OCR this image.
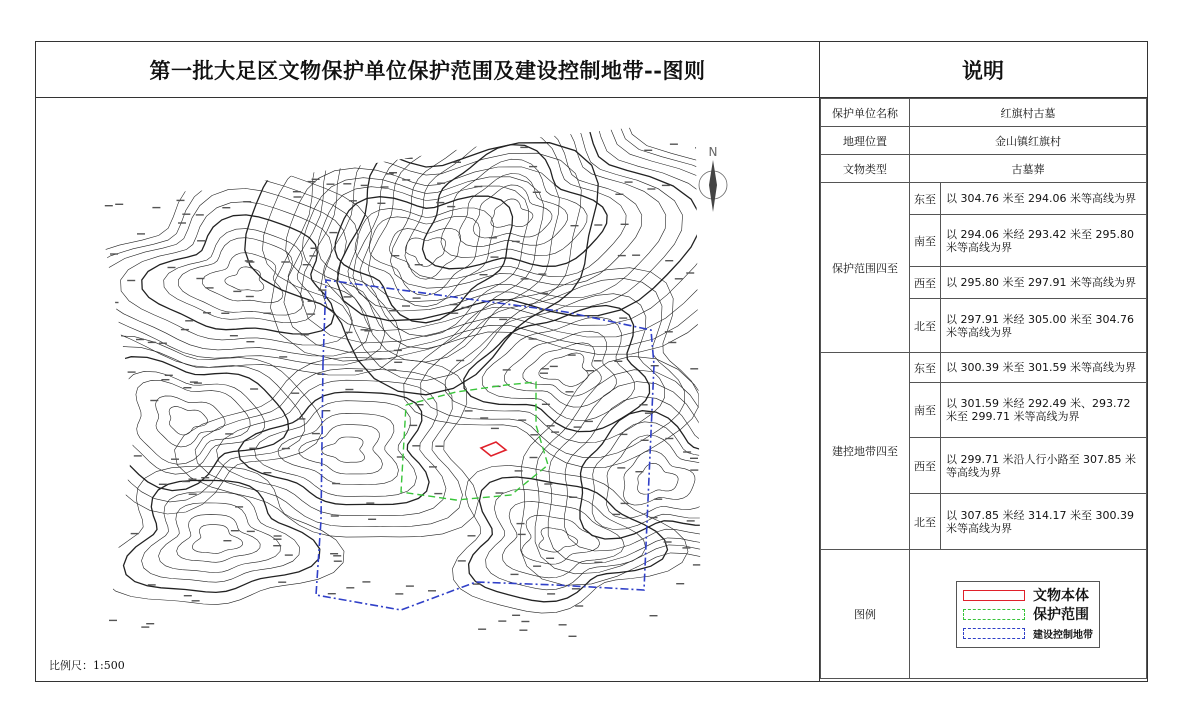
第一批大足区文物保护单位保护范围及建设控制地带--图则	说明
N
比例尺：1:500
保护单位名称	红旗村古墓	
地理位置	金山镇红旗村	
文物类型	古墓葬	
保护范围四至	东至	以 304.76 米至 294.06 米等高线为界
	南至	以 294.06 米经 293.42 米至 295.80 米等高线为界
	西至	以 295.80 米至 297.91 米等高线为界
	北至	以 297.91 米经 305.00 米至 304.76 米等高线为界
建控地带四至	东至	以 300.39 米至 301.59 米等高线为界
	南至	以 301.59 米经 292.49 米、293.72 米至 299.71 米等高线为界
	西至	以 299.71 米沿人行小路至 307.85 米等高线为界
	北至	以 307.85 米经 314.17 米至 300.39 米等高线为界
图例	文物本体
保护范围
建设控制地带	
